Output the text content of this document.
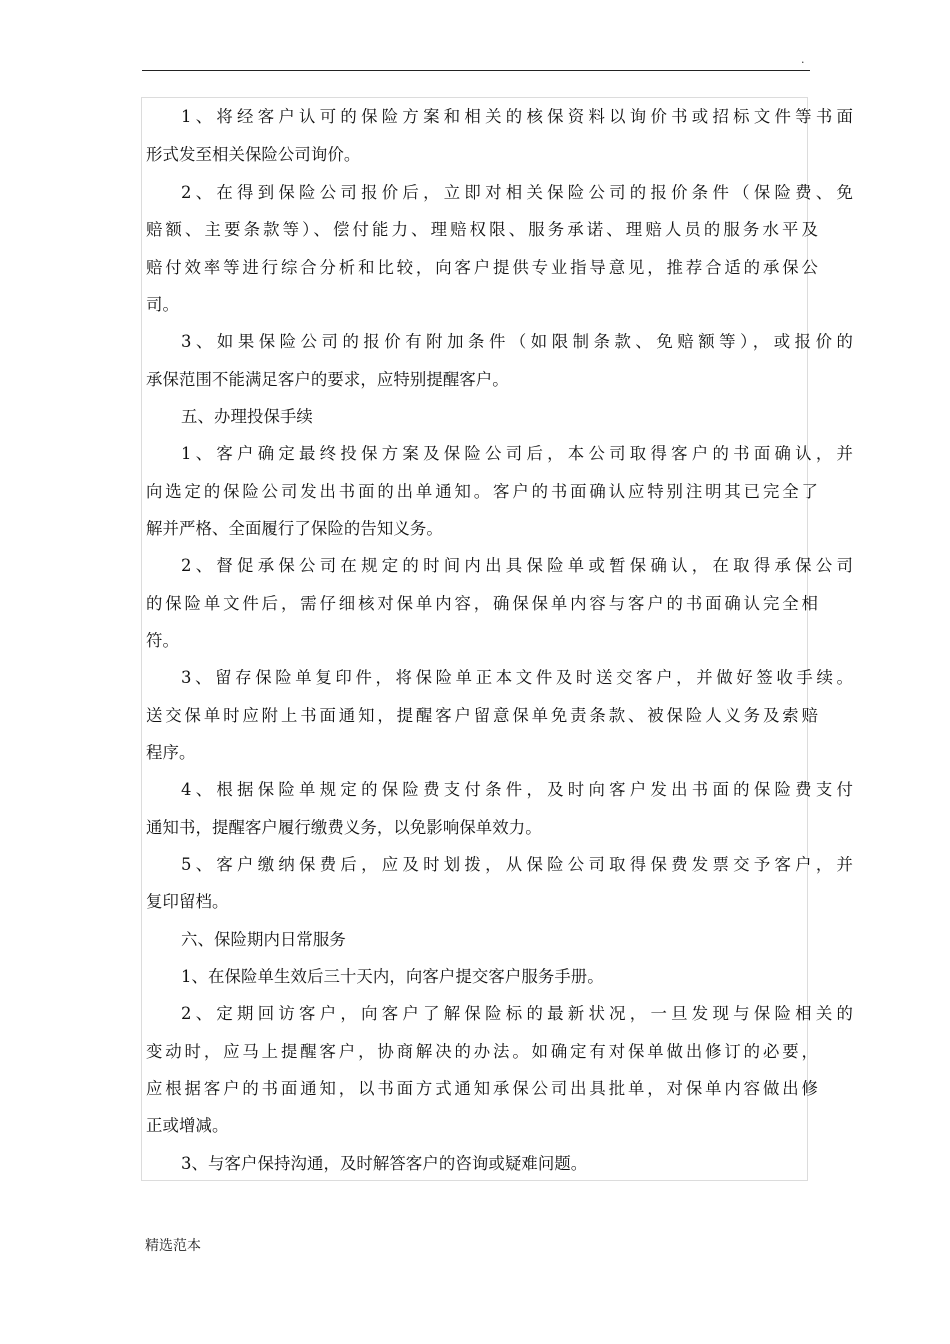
.
1、将经客户认可的保险方案和相关的核保资料以询价书或招标文件等书面
形式发至相关保险公司询价。
2、在得到保险公司报价后，立即对相关保险公司的报价条件（保险费、免
赔额、主要条款等）、偿付能力、理赔权限、服务承诺、理赔人员的服务水平及
赔付效率等进行综合分析和比较，向客户提供专业指导意见，推荐合适的承保公
司。
3、如果保险公司的报价有附加条件（如限制条款、免赔额等），或报价的
承保范围不能满足客户的要求，应特别提醒客户。
五、办理投保手续
1、客户确定最终投保方案及保险公司后，本公司取得客户的书面确认，并
向选定的保险公司发出书面的出单通知。客户的书面确认应特别注明其已完全了
解并严格、全面履行了保险的告知义务。
2、督促承保公司在规定的时间内出具保险单或暂保确认，在取得承保公司
的保险单文件后，需仔细核对保单内容，确保保单内容与客户的书面确认完全相
符。
3、留存保险单复印件，将保险单正本文件及时送交客户，并做好签收手续。
送交保单时应附上书面通知，提醒客户留意保单免责条款、被保险人义务及索赔
程序。
4、根据保险单规定的保险费支付条件，及时向客户发出书面的保险费支付
通知书，提醒客户履行缴费义务，以免影响保单效力。
5、客户缴纳保费后，应及时划拨，从保险公司取得保费发票交予客户，并
复印留档。
六、保险期内日常服务
1、在保险单生效后三十天内，向客户提交客户服务手册。
2、定期回访客户，向客户了解保险标的最新状况，一旦发现与保险相关的
变动时，应马上提醒客户，协商解决的办法。如确定有对保单做出修订的必要，
应根据客户的书面通知，以书面方式通知承保公司出具批单，对保单内容做出修
正或增减。
3、与客户保持沟通，及时解答客户的咨询或疑难问题。
精选范本
